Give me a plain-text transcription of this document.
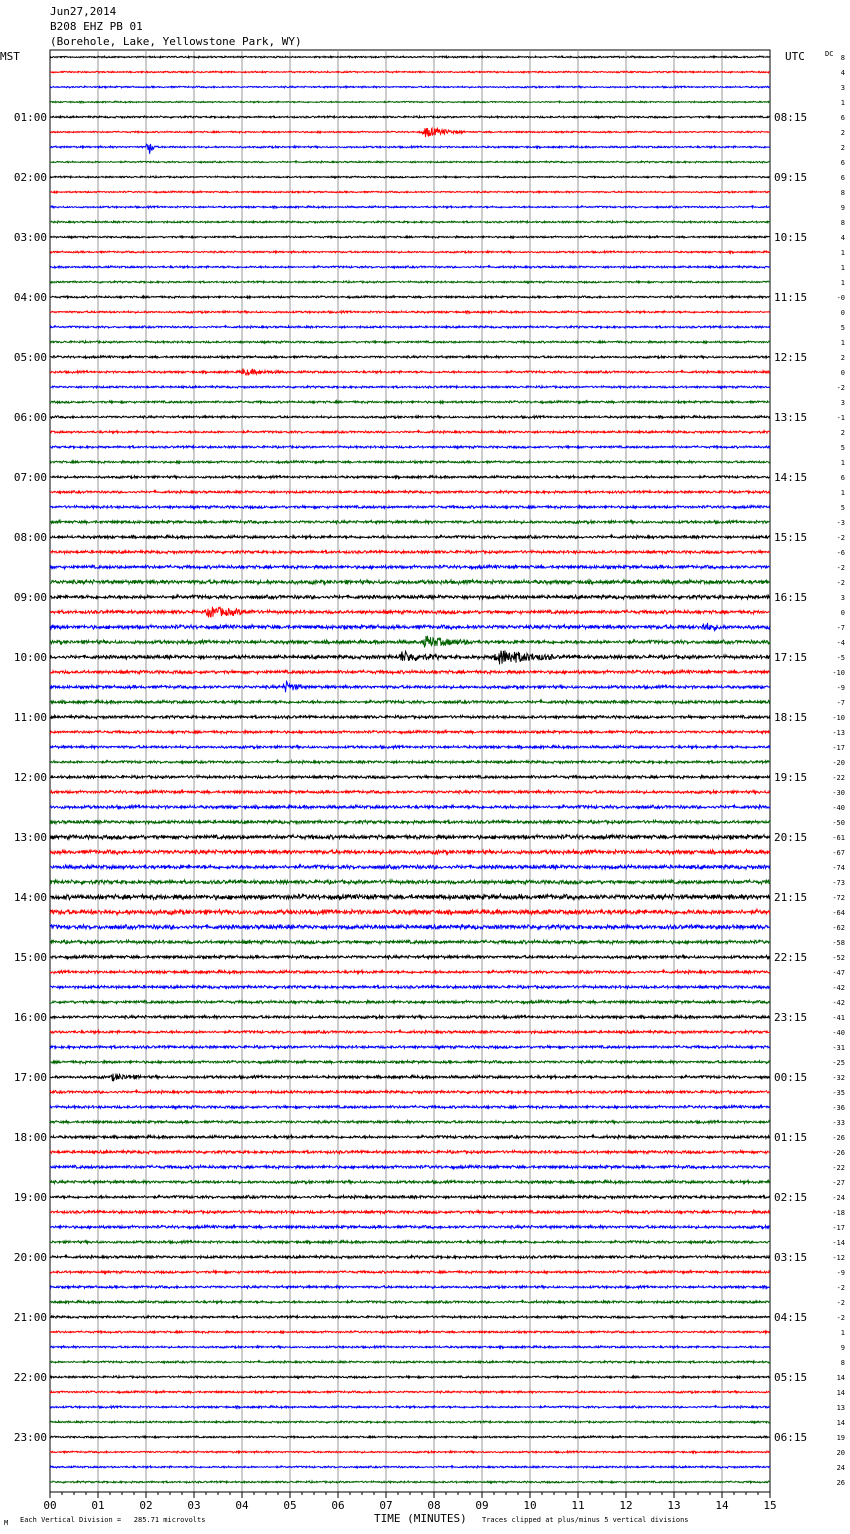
01:00
02:00
03:00
04:00
05:00
06:00
07:00
08:00
09:00
10:00
11:00
12:00
13:00
14:00
15:00
16:00
17:00
18:00
19:00
20:00
21:00
22:00
23:00
08:15
09:15
10:15
11:15
12:15
13:15
14:15
15:15
16:15
17:15
18:15
19:15
20:15
21:15
22:15
23:15
00:15
01:15
02:15
03:15
04:15
05:15
06:15
8
4
3
1
6
2
2
6
6
8
9
8
4
1
1
1
-0
0
5
1
2
0
-2
3
-1
2
5
1
6
1
5
-3
-2
-6
-2
-2
3
0
-7
-4
-5
-10
-9
-7
-10
-13
-17
-20
-22
-30
-40
-50
-61
-67
-74
-73
-72
-64
-62
-58
-52
-47
-42
-42
-41
-40
-31
-25
-32
-35
-36
-33
-26
-26
-22
-27
-24
-18
-17
-14
-12
-9
-2
-2
-2
1
9
8
14
14
13
14
19
20
24
26
00	01	02	03	04	05	06	07	08	09	10	11	12	13	14	15
Jun27,2014
B208 EHZ PB 01
(Borehole, Lake, Yellowstone Park, WY)
MST	UTC	DC
TIME (MINUTES)
M Each Vertical Division =   285.71 microvolts	Traces clipped at plus/minus 5 vertical divisions
